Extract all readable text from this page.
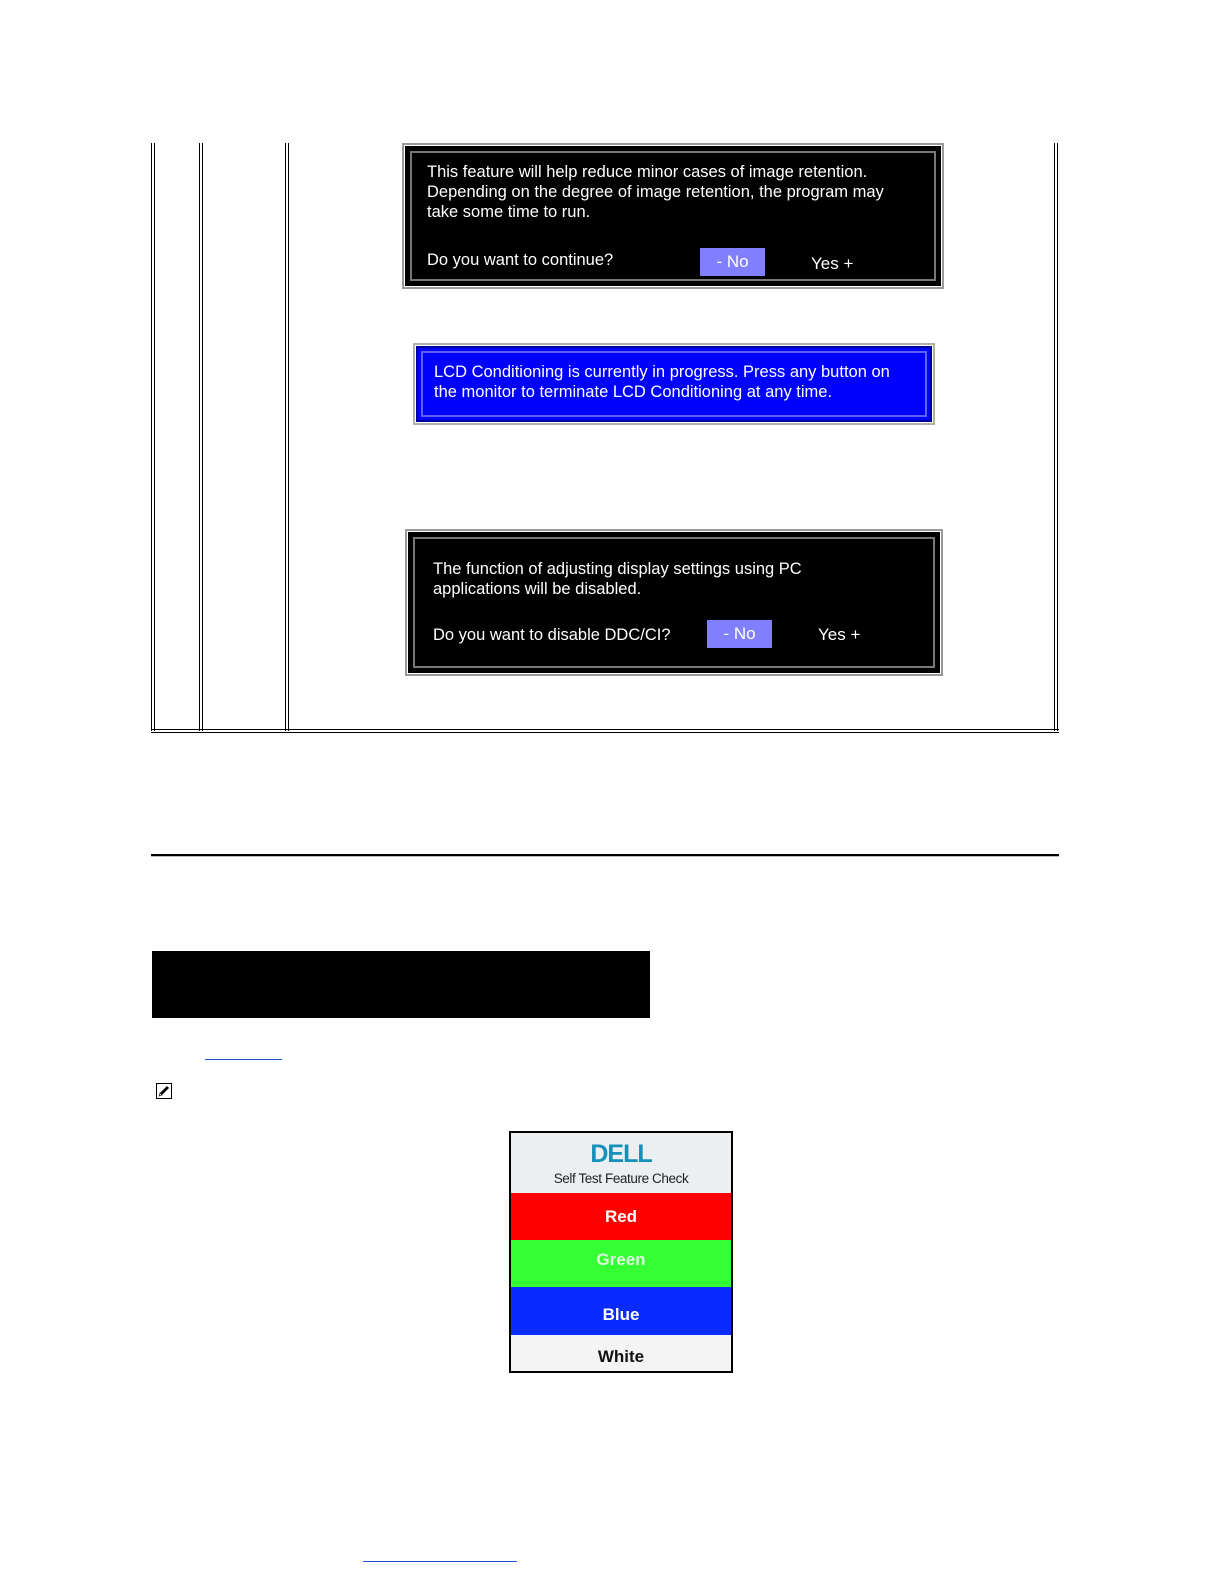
This feature will help reduce minor cases of image retention.
Depending on the degree of image retention, the program may
take some time to run.
Do you want to continue?	- No	Yes +
LCD Conditioning is currently in progress. Press any button on
the monitor to terminate LCD Conditioning at any time.
The function of adjusting display settings using PC
applications will be disabled.
Do you want to disable DDC/CI?	- No	Yes +
DELL
Self Test Feature Check
Red
Green
Blue
White
